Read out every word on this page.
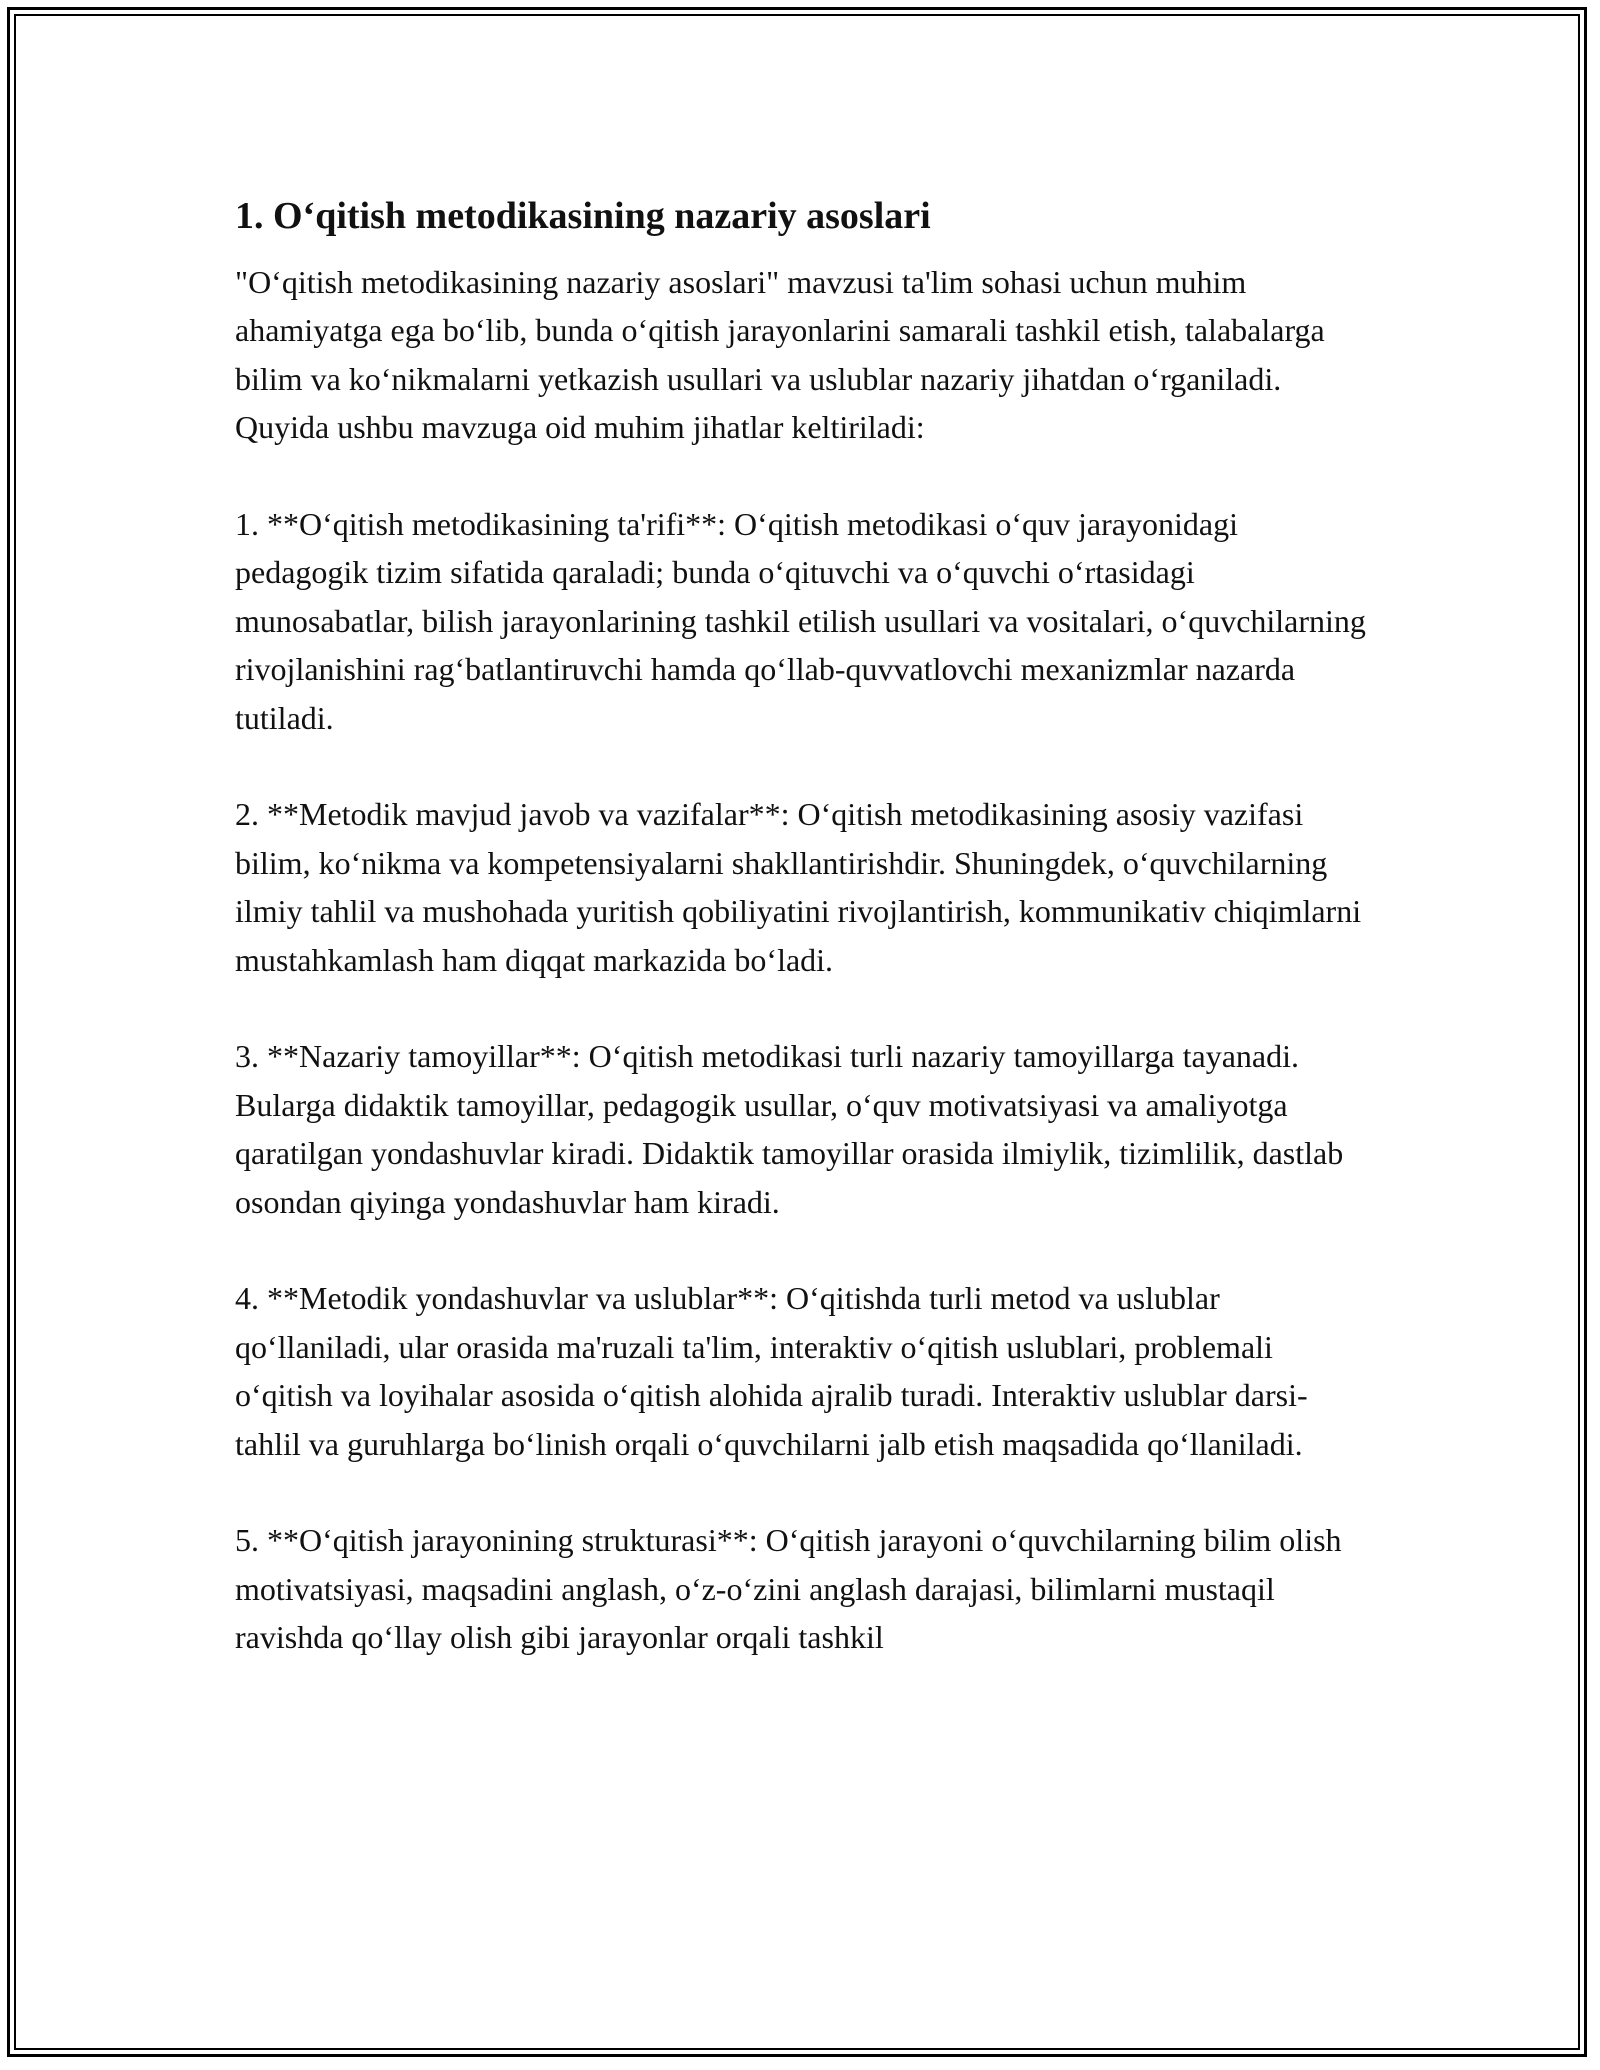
1. O‘qitish metodikasining nazariy asoslari

"O‘qitish metodikasining nazariy asoslari" mavzusi ta'lim sohasi uchun muhim ahamiyatga ega bo‘lib, bunda o‘qitish jarayonlarini samarali tashkil etish, talabalarga bilim va ko‘nikmalarni yetkazish usullari va uslublar nazariy jihatdan o‘rganiladi. Quyida ushbu mavzuga oid muhim jihatlar keltiriladi:

1. **O‘qitish metodikasining ta'rifi**: O‘qitish metodikasi o‘quv jarayonidagi pedagogik tizim sifatida qaraladi; bunda o‘qituvchi va o‘quvchi o‘rtasidagi munosabatlar, bilish jarayonlarining tashkil etilish usullari va vositalari, o‘quvchilarning rivojlanishini rag‘batlantiruvchi hamda qo‘llab-quvvatlovchi mexanizmlar nazarda tutiladi.

2. **Metodik mavjud javob va vazifalar**: O‘qitish metodikasining asosiy vazifasi bilim, ko‘nikma va kompetensiyalarni shakllantirishdir. Shuningdek, o‘quvchilarning ilmiy tahlil va mushohada yuritish qobiliyatini rivojlantirish, kommunikativ chiqimlarni mustahkamlash ham diqqat markazida bo‘ladi.

3. **Nazariy tamoyillar**: O‘qitish metodikasi turli nazariy tamoyillarga tayanadi. Bularga didaktik tamoyillar, pedagogik usullar, o‘quv motivatsiyasi va amaliyotga qaratilgan yondashuvlar kiradi. Didaktik tamoyillar orasida ilmiylik, tizimlilik, dastlab osondan qiyinga yondashuvlar ham kiradi.

4. **Metodik yondashuvlar va uslublar**: O‘qitishda turli metod va uslublar qo‘llaniladi, ular orasida ma'ruzali ta'lim, interaktiv o‘qitish uslublari, problemali o‘qitish va loyihalar asosida o‘qitish alohida ajralib turadi. Interaktiv uslublar darsi-tahlil va guruhlarga bo‘linish orqali o‘quvchilarni jalb etish maqsadida qo‘llaniladi.

5. **O‘qitish jarayonining strukturasi**: O‘qitish jarayoni o‘quvchilarning bilim olish motivatsiyasi, maqsadini anglash, o‘z-o‘zini anglash darajasi, bilimlarni mustaqil ravishda qo‘llay olish gibi jarayonlar orqali tashkil
